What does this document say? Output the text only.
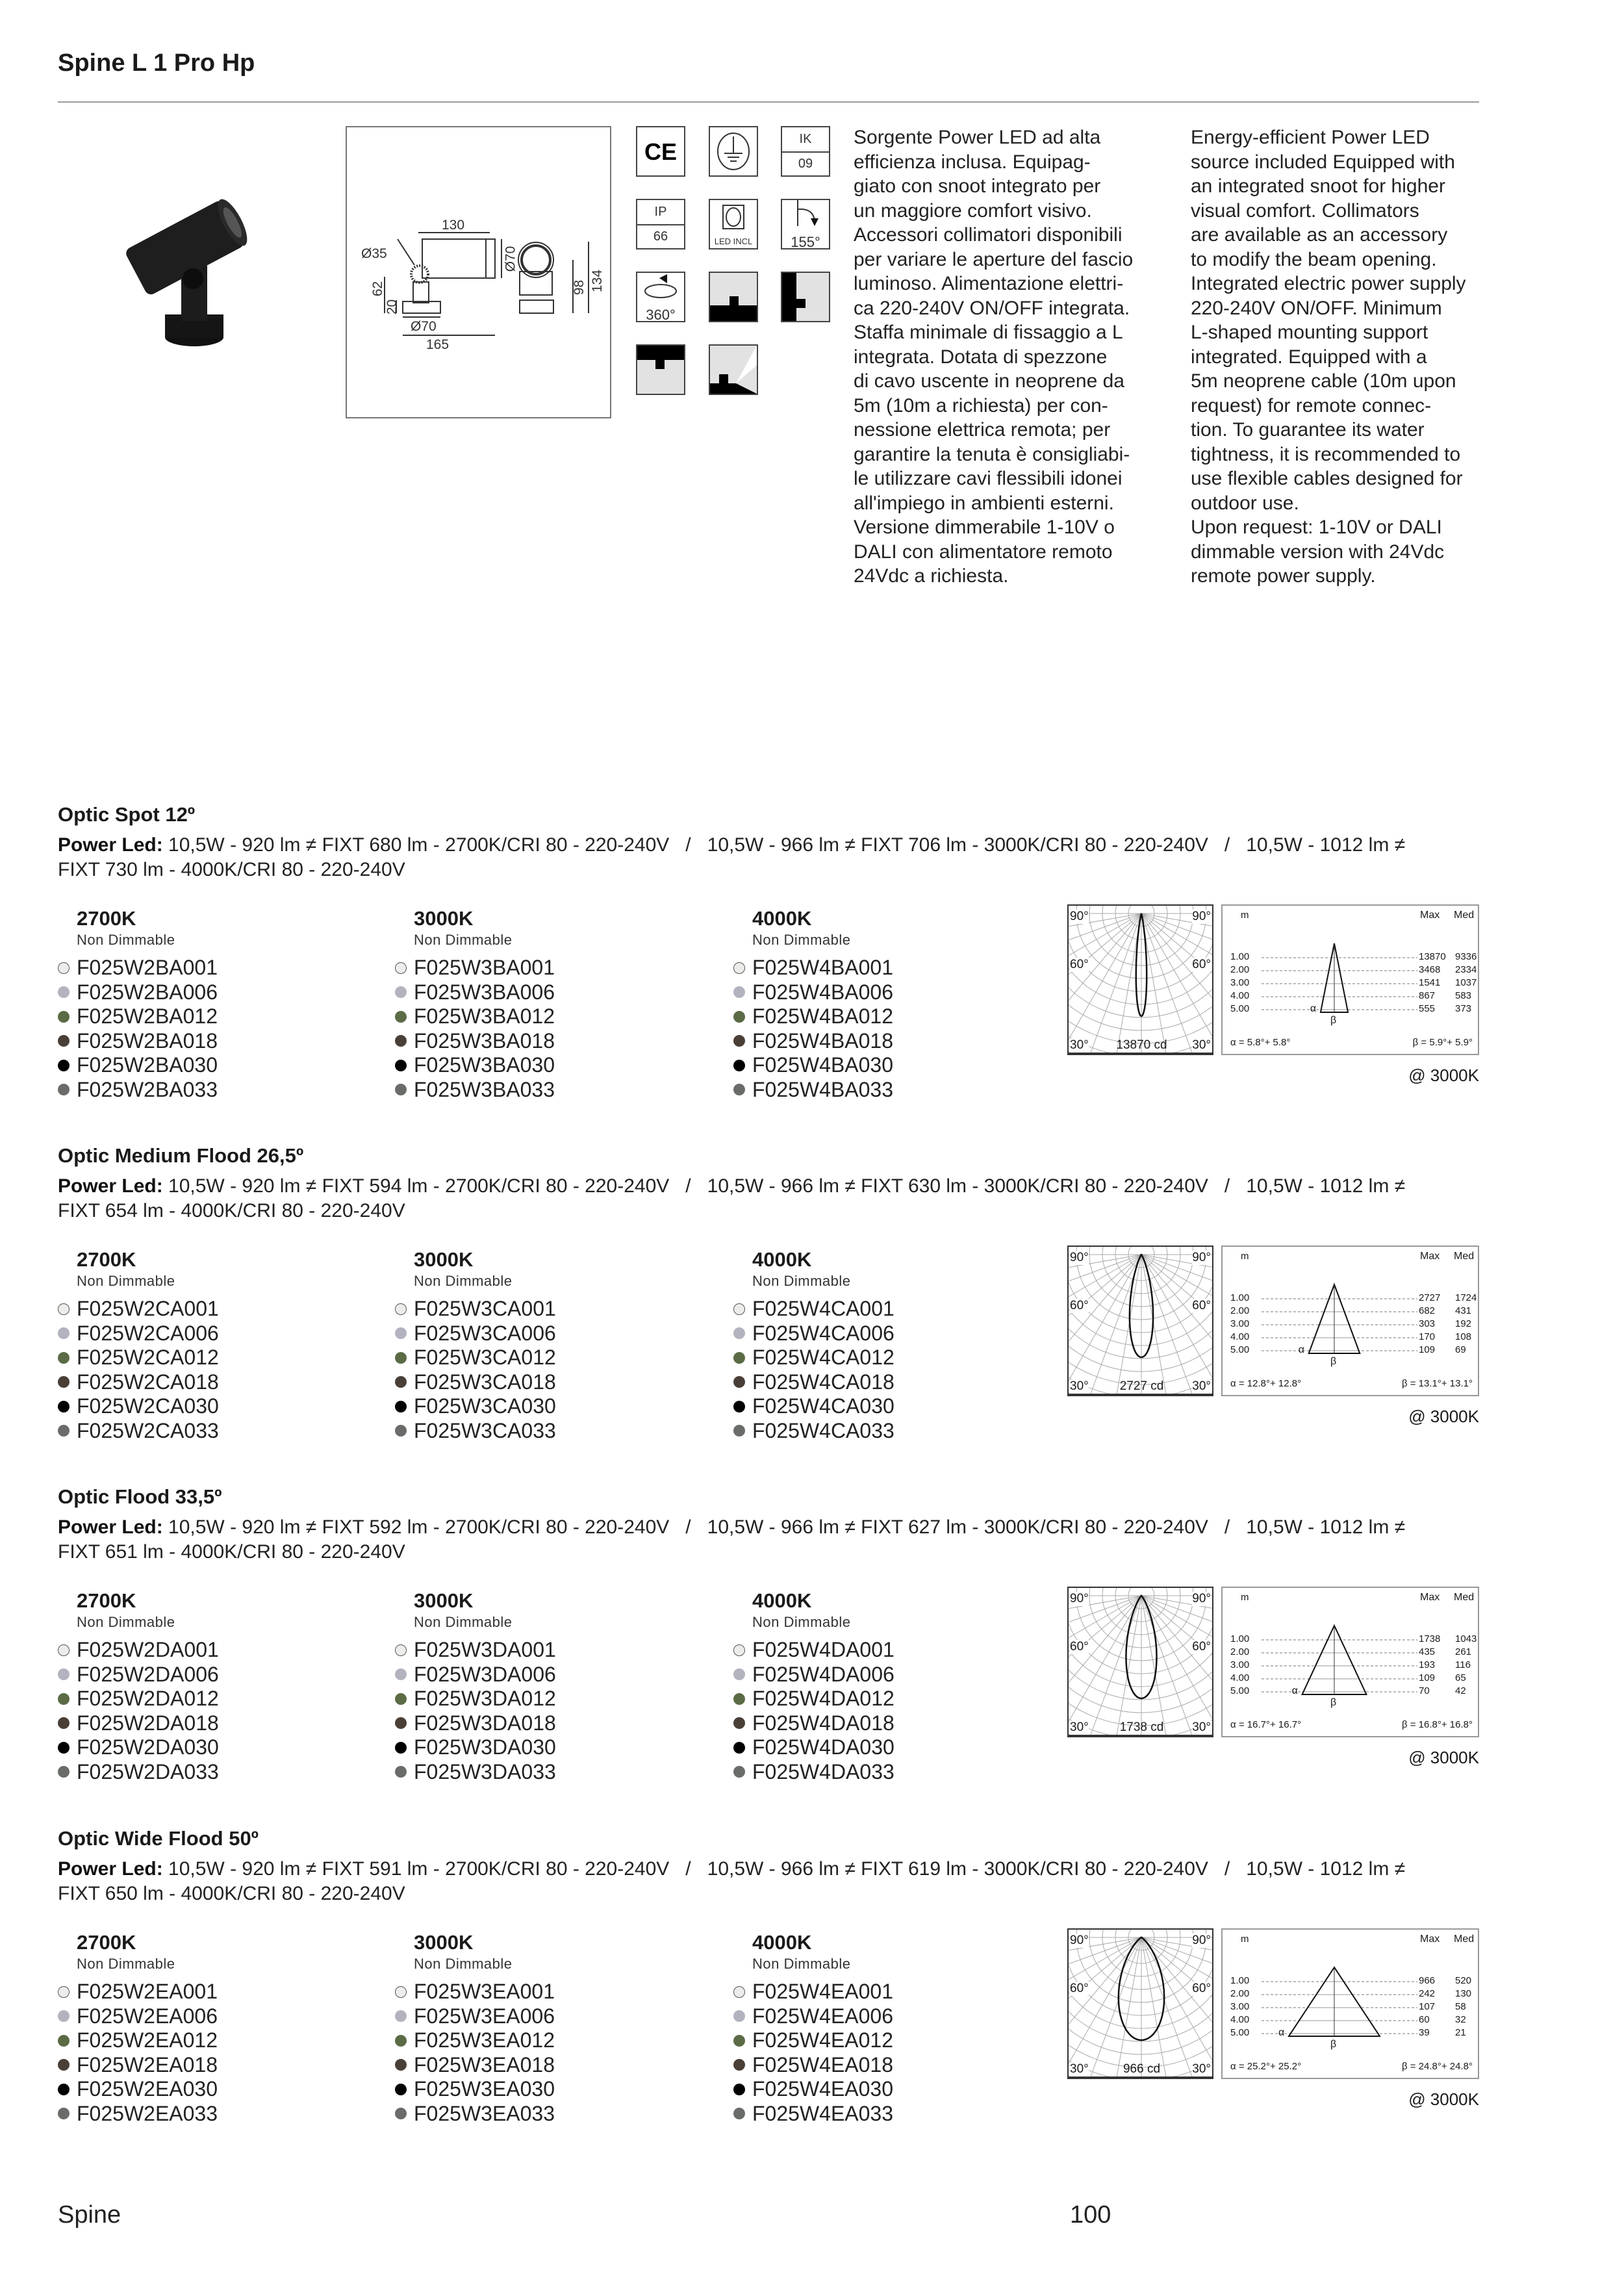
Spine L 1 Pro Hp
130
Ø35	Ø70
62
20
Ø70
165
98 134
CE	IK
09
IP
66	LED INCL	155°
360°
Sorgente Power LED ad alta
efficienza inclusa. Equipag-
giato con snoot integrato per
un maggiore comfort visivo.
Accessori collimatori disponibili
per variare le aperture del fascio
luminoso. Alimentazione elettri-
ca 220-240V ON/OFF integrata.
Staffa minimale di fissaggio a L
integrata. Dotata di spezzone
di cavo uscente in neoprene da
5m (10m a richiesta) per con-
nessione elettrica remota; per
garantire la tenuta è consigliabi-
le utilizzare cavi flessibili idonei
all'impiego in ambienti esterni.
Versione dimmerabile 1-10V o
DALI con alimentatore remoto
24Vdc a richiesta.
Energy-efficient Power LED
source included Equipped with
an integrated snoot for higher
visual comfort. Collimators
are available as an accessory
to modify the beam opening.
Integrated electric power supply
220-240V ON/OFF. Minimum
L-shaped mounting support
integrated. Equipped with a
5m neoprene cable (10m upon
request) for remote connec-
tion. To guarantee its water
tightness, it is recommended to
use flexible cables designed for
outdoor use.
Upon request: 1-10V or DALI
dimmable version with 24Vdc
remote power supply.
Optic Spot 12º
Power Led: 10,5W - 920 lm ≠ FIXT 680 lm - 2700K/CRI 80 - 220-240V   /   10,5W - 966 lm ≠ FIXT 706 lm - 3000K/CRI 80 - 220-240V   /   10,5W - 1012 lm ≠
FIXT 730 lm - 4000K/CRI 80 - 220-240V
2700K
Non Dimmable
F025W2BA001
F025W2BA006
F025W2BA012
F025W2BA018
F025W2BA030
F025W2BA033
3000K
Non Dimmable
F025W3BA001
F025W3BA006
F025W3BA012
F025W3BA018
F025W3BA030
F025W3BA033
4000K
Non Dimmable
F025W4BA001
F025W4BA006
F025W4BA012
F025W4BA018
F025W4BA030
F025W4BA033
90°	90°
60°	60°
30°	30°
13870 cd
m	Max Med
1.00	13870 9336
2.00	3468 2334
3.00	1541 1037
4.00	867 583
5.00	555 373
α
β
α = 5.8°+ 5.8°	β = 5.9°+ 5.9°
@ 3000K
Optic Medium Flood 26,5º
Power Led: 10,5W - 920 lm ≠ FIXT 594 lm - 2700K/CRI 80 - 220-240V   /   10,5W - 966 lm ≠ FIXT 630 lm - 3000K/CRI 80 - 220-240V   /   10,5W - 1012 lm ≠
FIXT 654 lm - 4000K/CRI 80 - 220-240V
2700K
Non Dimmable
F025W2CA001
F025W2CA006
F025W2CA012
F025W2CA018
F025W2CA030
F025W2CA033
3000K
Non Dimmable
F025W3CA001
F025W3CA006
F025W3CA012
F025W3CA018
F025W3CA030
F025W3CA033
4000K
Non Dimmable
F025W4CA001
F025W4CA006
F025W4CA012
F025W4CA018
F025W4CA030
F025W4CA033
90°	90°
60°	60°
30°	30°
2727 cd
m	Max Med
1.00	2727 1724
2.00	682 431
3.00	303 192
4.00	170 108
5.00	109 69
α
β
α = 12.8°+ 12.8°	β = 13.1°+ 13.1°
@ 3000K
Optic Flood 33,5º
Power Led: 10,5W - 920 lm ≠ FIXT 592 lm - 2700K/CRI 80 - 220-240V   /   10,5W - 966 lm ≠ FIXT 627 lm - 3000K/CRI 80 - 220-240V   /   10,5W - 1012 lm ≠
FIXT 651 lm - 4000K/CRI 80 - 220-240V
2700K
Non Dimmable
F025W2DA001
F025W2DA006
F025W2DA012
F025W2DA018
F025W2DA030
F025W2DA033
3000K
Non Dimmable
F025W3DA001
F025W3DA006
F025W3DA012
F025W3DA018
F025W3DA030
F025W3DA033
4000K
Non Dimmable
F025W4DA001
F025W4DA006
F025W4DA012
F025W4DA018
F025W4DA030
F025W4DA033
90°	90°
60°	60°
30°	30°
1738 cd
m	Max Med
1.00	1738 1043
2.00	435 261
3.00	193 116
4.00	109 65
5.00	70	42
α
β
α = 16.7°+ 16.7°	β = 16.8°+ 16.8°
@ 3000K
Optic Wide Flood 50º
Power Led: 10,5W - 920 lm ≠ FIXT 591 lm - 2700K/CRI 80 - 220-240V   /   10,5W - 966 lm ≠ FIXT 619 lm - 3000K/CRI 80 - 220-240V   /   10,5W - 1012 lm ≠
FIXT 650 lm - 4000K/CRI 80 - 220-240V
2700K
Non Dimmable
F025W2EA001
F025W2EA006
F025W2EA012
F025W2EA018
F025W2EA030
F025W2EA033
3000K
Non Dimmable
F025W3EA001
F025W3EA006
F025W3EA012
F025W3EA018
F025W3EA030
F025W3EA033
4000K
Non Dimmable
F025W4EA001
F025W4EA006
F025W4EA012
F025W4EA018
F025W4EA030
F025W4EA033
90°	90°
60°	60°
30°	30°
966 cd
m	Max Med
1.00	966 520
2.00	242 130
3.00	107 58
4.00	60	32
5.00	39	21
α
β
α = 25.2°+ 25.2°	β = 24.8°+ 24.8°
@ 3000K
Spine	100
